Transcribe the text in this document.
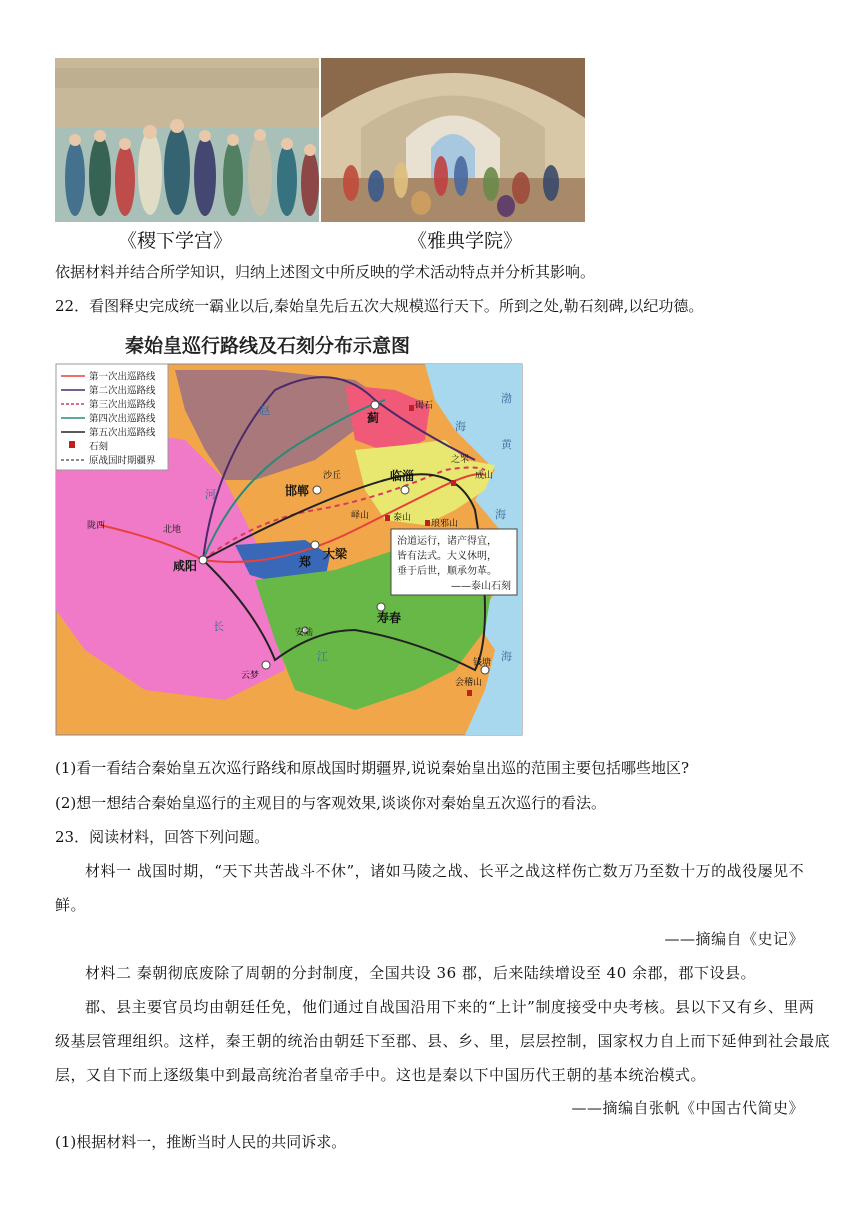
《稷下学宫》	《雅典学院》
依据材料并结合所学知识，归纳上述图文中所反映的学术活动特点并分析其影响。
22．看图释史完成统一霸业以后,秦始皇先后五次大规模巡行天下。所到之处,勒石刻碑,以纪功德。
第一次出巡路线
第二次出巡路线
第三次出巡路线
第四次出巡路线
第五次出巡路线
石刻
原战国时期疆界
秦始皇巡行路线及石刻分布示意图
碣石
蓟
邯郸
沙丘	临淄
之罘
成山
泰山
峄山
琅邪山
陇西	北地
咸阳	郑
大梁
寿春
安陆
云梦
钱塘
会稽山
渤
海
黄
海
海
长
江
河
赵
治道运行，诸产得宜，
皆有法式。大义休明，
垂于后世，顺承勿革。
——泰山石刻
(1)看一看结合秦始皇五次巡行路线和原战国时期疆界,说说秦始皇出巡的范围主要包括哪些地区?
(2)想一想结合秦始皇巡行的主观目的与客观效果,谈谈你对秦始皇五次巡行的看法。
23．阅读材料，回答下列问题。
材料一 战国时期，“天下共苦战斗不休”，诸如马陵之战、长平之战这样伤亡数万乃至数十万的战役屡见不
鲜。
——摘编自《史记》
材料二 秦朝彻底废除了周朝的分封制度，全国共设 36 郡，后来陆续增设至 40 余郡，郡下设县。
郡、县主要官员均由朝廷任免，他们通过自战国沿用下来的“上计”制度接受中央考核。县以下又有乡、里两
级基层管理组织。这样，秦王朝的统治由朝廷下至郡、县、乡、里，层层控制，国家权力自上而下延伸到社会最底
层，又自下而上逐级集中到最高统治者皇帝手中。这也是秦以下中国历代王朝的基本统治模式。
——摘编自张帆《中国古代简史》
(1)根据材料一，推断当时人民的共同诉求。
